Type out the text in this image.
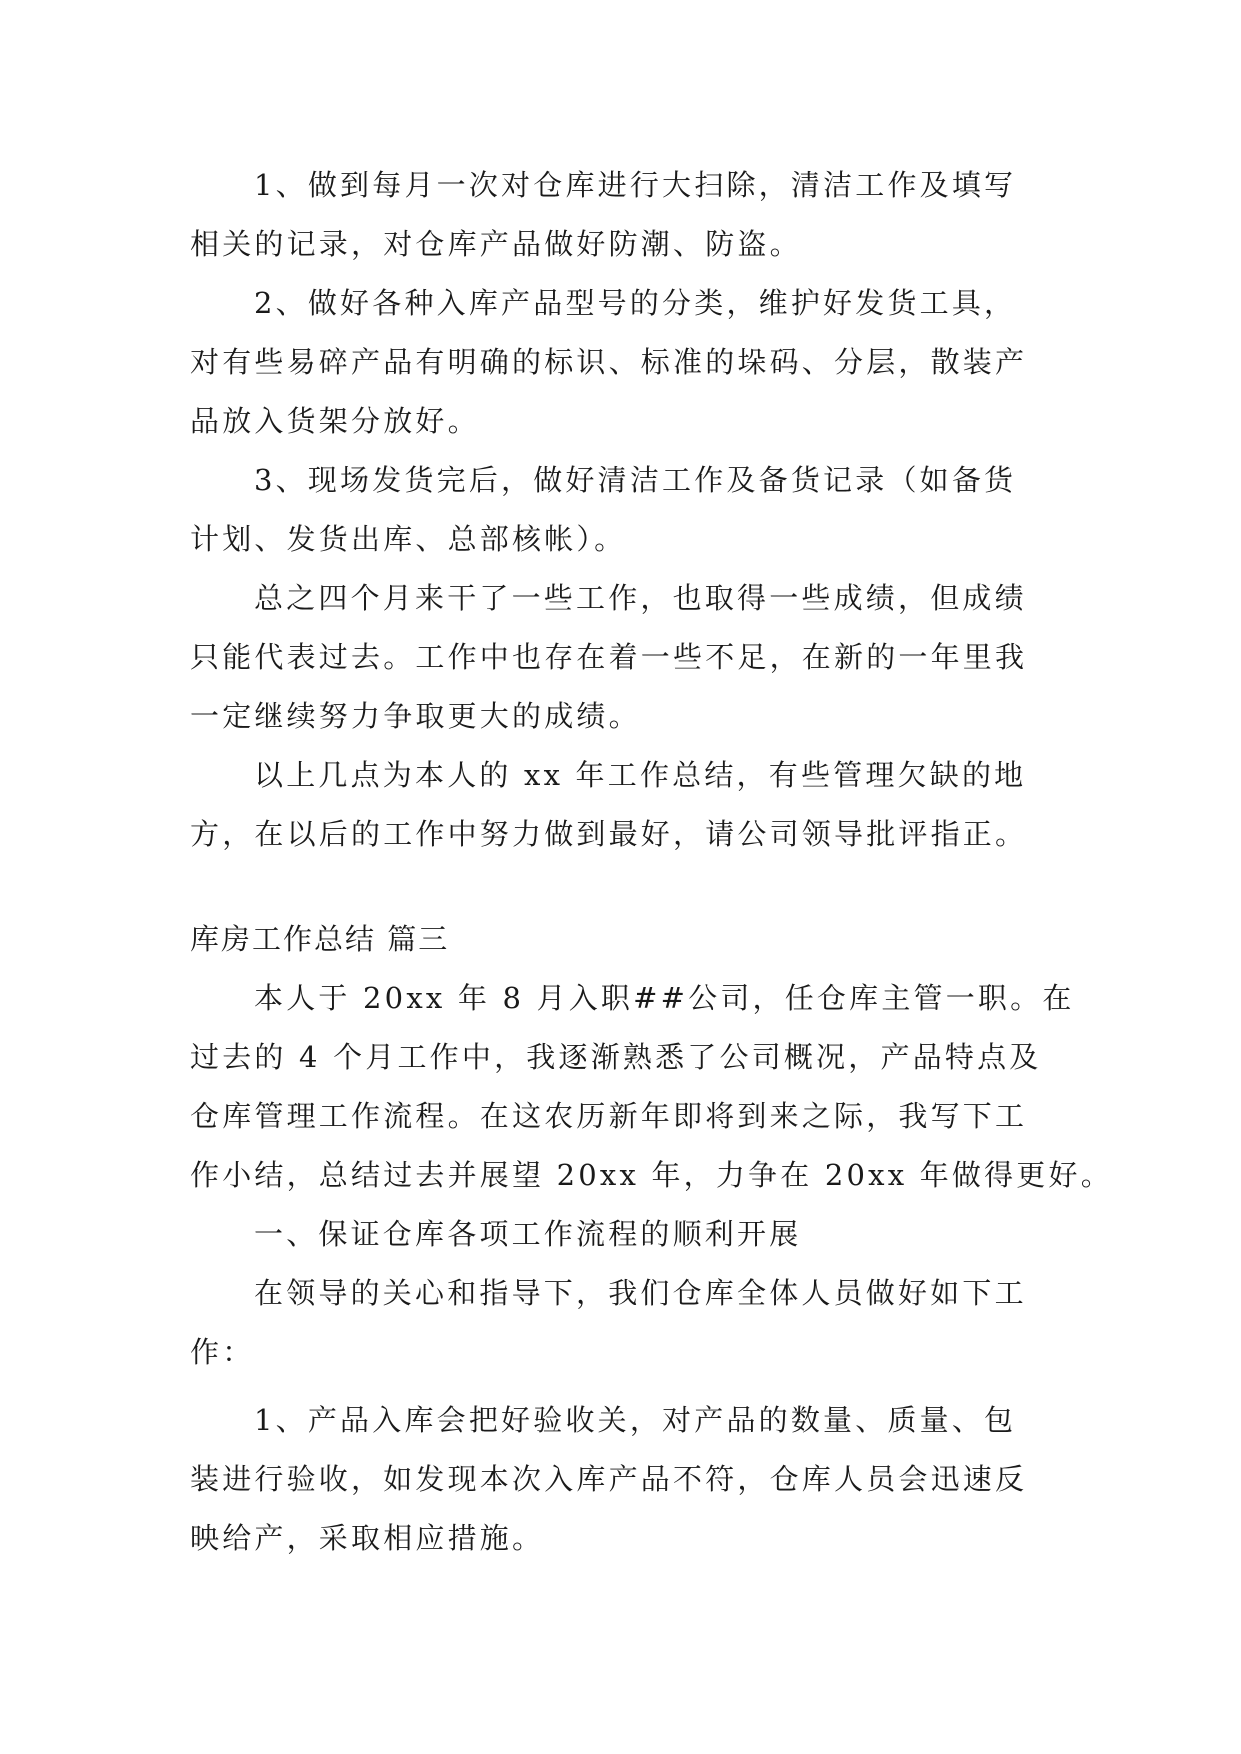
1、做到每月一次对仓库进行大扫除，清洁工作及填写
相关的记录，对仓库产品做好防潮、防盗。
2、做好各种入库产品型号的分类，维护好发货工具，
对有些易碎产品有明确的标识、标准的垛码、分层，散装产
品放入货架分放好。
3、现场发货完后，做好清洁工作及备货记录（如备货
计划、发货出库、总部核帐）。
总之四个月来干了一些工作，也取得一些成绩，但成绩
只能代表过去。工作中也存在着一些不足，在新的一年里我
一定继续努力争取更大的成绩。
以上几点为本人的 xx 年工作总结，有些管理欠缺的地
方，在以后的工作中努力做到最好，请公司领导批评指正。
库房工作总结 篇三
本人于 20xx 年 8 月入职##公司，任仓库主管一职。在
过去的 4 个月工作中，我逐渐熟悉了公司概况，产品特点及
仓库管理工作流程。在这农历新年即将到来之际，我写下工
作小结，总结过去并展望 20xx 年，力争在 20xx 年做得更好。
一、保证仓库各项工作流程的顺利开展
在领导的关心和指导下，我们仓库全体人员做好如下工
作：
1、产品入库会把好验收关，对产品的数量、质量、包
装进行验收，如发现本次入库产品不符，仓库人员会迅速反
映给产，采取相应措施。
